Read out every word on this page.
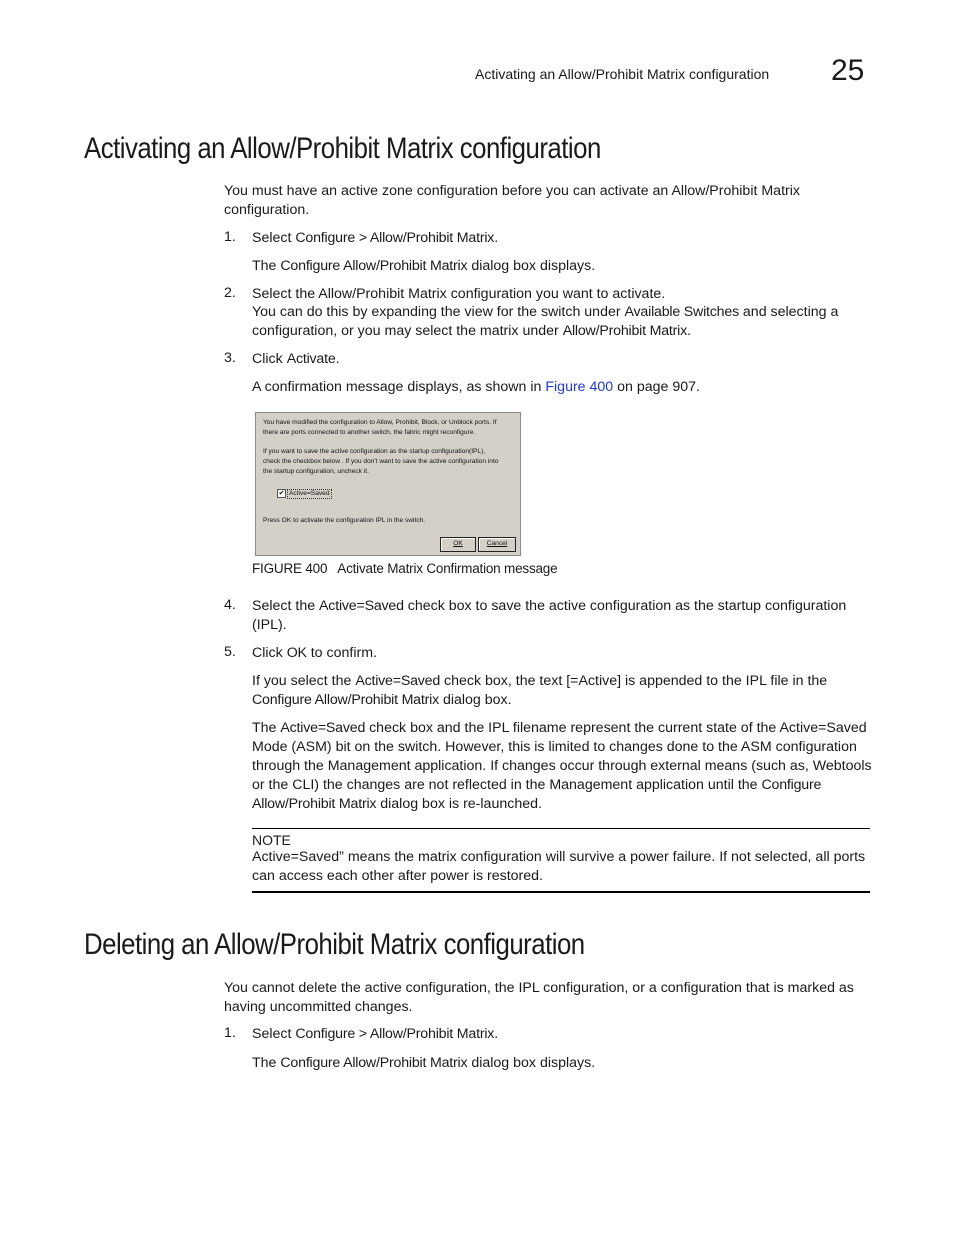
Activating an Allow/Prohibit Matrix configuration 25
Activating an Allow/Prohibit Matrix configuration

You must have an active zone configuration before you can activate an Allow/Prohibit Matrix configuration.

1.	Select Configure > Allow/Prohibit Matrix.

The Configure Allow/Prohibit Matrix dialog box displays.

2.	Select the Allow/Prohibit Matrix configuration you want to activate.

You can do this by expanding the view for the switch under Available Switches and selecting a configuration, or you may select the matrix under Allow/Prohibit Matrix.

3.	Click Activate.

A confirmation message displays, as shown in Figure 400 on page 907.

You have modified the configuration to Allow, Prohibit, Block, or Unblock ports. If
there are ports connected to another switch, the fabric might reconfigure.
If you want to save the active configuration as the startup configuration(IPL),
check the checkbox below . If you don't want to save the active configuration into
the startup configuration, uncheck it.
✔ Active=Saved
Press OK to activate the configuration IPL in the switch.
OK	Cancel
FIGURE 400 Activate Matrix Confirmation message
4.	Select the Active=Saved check box to save the active configuration as the startup configuration (IPL).

5.	Click OK to confirm.

If you select the Active=Saved check box, the text [=Active] is appended to the IPL file in the Configure Allow/Prohibit Matrix dialog box.

The Active=Saved check box and the IPL filename represent the current state of the Active=Saved Mode (ASM) bit on the switch. However, this is limited to changes done to the ASM configuration through the Management application. If changes occur through external means (such as, Webtools or the CLI) the changes are not reflected in the Management application until the Configure Allow/Prohibit Matrix dialog box is re-launched.

NOTE

Active=Saved” means the matrix configuration will survive a power failure. If not selected, all ports can access each other after power is restored.

Deleting an Allow/Prohibit Matrix configuration

You cannot delete the active configuration, the IPL configuration, or a configuration that is marked as having uncommitted changes.

1.	Select Configure > Allow/Prohibit Matrix.

The Configure Allow/Prohibit Matrix dialog box displays.
